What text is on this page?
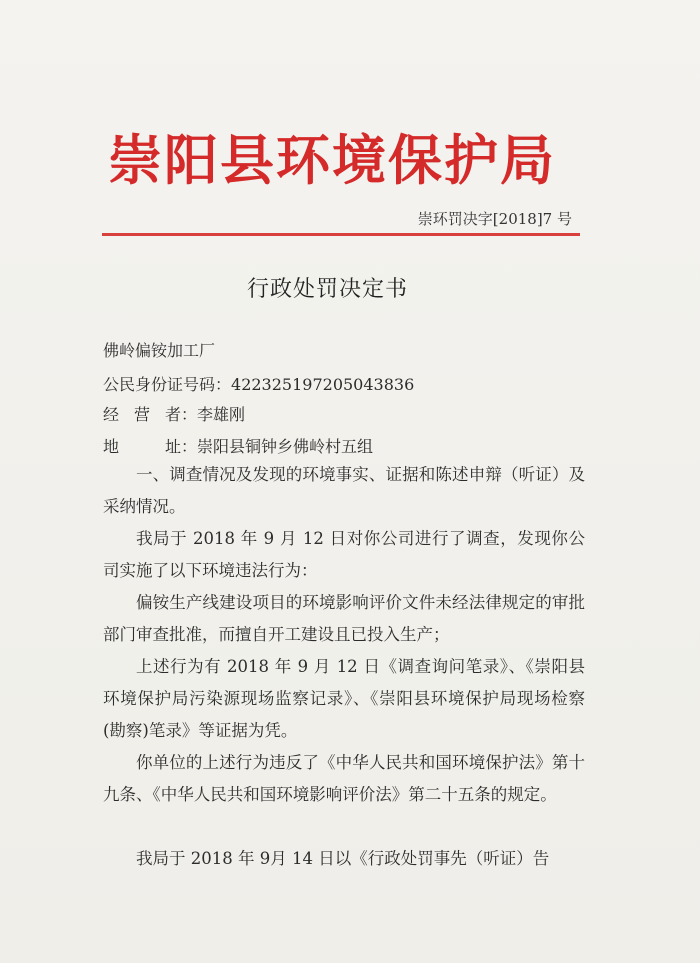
崇阳县环境保护局
崇环罚决字[2018]7 号
行政处罚决定书
佛岭偏铵加工厂
公民身份证号码：422325197205043836
经 营 者：李雄刚
地 址：崇阳县铜钟乡佛岭村五组

一、调查情况及发现的环境事实、证据和陈述申辩（听证）及采纳情况。

我局于 2018 年 9 月 12 日对你公司进行了调查，发现你公司实施了以下环境违法行为：

偏铵生产线建设项目的环境影响评价文件未经法律规定的审批部门审查批准，而擅自开工建设且已投入生产；

上述行为有 2018 年 9 月 12 日《调查询问笔录》、《崇阳县环境保护局污染源现场监察记录》、《崇阳县环境保护局现场检察(勘察)笔录》等证据为凭。

你单位的上述行为违反了《中华人民共和国环境保护法》第十九条、《中华人民共和国环境影响评价法》第二十五条的规定。

我局于 2018 年 9月 14 日以《行政处罚事先（听证）告
